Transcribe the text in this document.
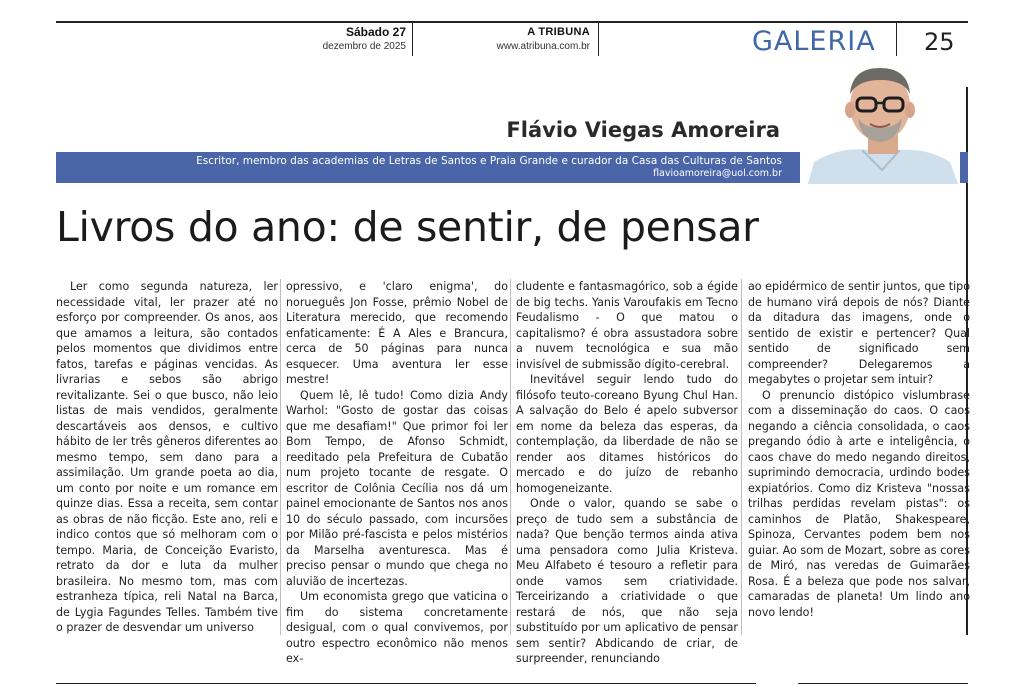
Sábado 27
dezembro de 2025
A TRIBUNA
www.atribuna.com.br	GALERIA	25
Flávio Viegas Amoreira
Escritor, membro das academias de Letras de Santos e Praia Grande e curador da Casa das Culturas de Santos
flavioamoreira@uol.com.br
Livros do ano: de sentir, de pensar

Ler como segunda natureza, ler necessidade vital, ler prazer até no esforço por compreender. Os anos, aos que amamos a leitura, são contados pelos momentos que dividimos entre fatos, tarefas e páginas vencidas. As livrarias e sebos são abrigo revitalizante. Sei o que busco, não leio listas de mais vendidos, geralmente descartáveis aos densos, e cultivo hábito de ler três gêneros diferentes ao mesmo tempo, sem dano para a assimilação. Um grande poeta ao dia, um conto por noite e um romance em quinze dias. Essa a receita, sem contar as obras de não ficção. Este ano, reli e indico contos que só melhoram com o tempo. Maria, de Conceição Evaristo, retrato da dor e luta da mulher brasileira. No mesmo tom, mas com estranheza típica, reli Natal na Barca, de Lygia Fagundes Telles. Também tive o prazer de desvendar um universo

opressivo, e 'claro enigma', do norueguês Jon Fosse, prêmio Nobel de Literatura merecido, que recomendo enfaticamente: É A Ales e Brancura, cerca de 50 páginas para nunca esquecer. Uma aventura ler esse mestre!

Quem lê, lê tudo! Como dizia Andy Warhol: "Gosto de gostar das coisas que me desafiam!" Que primor foi ler Bom Tempo, de Afonso Schmidt, reeditado pela Prefeitura de Cubatão num projeto tocante de resgate. O escritor de Colônia Cecília nos dá um painel emocionante de Santos nos anos 10 do século passado, com incursões por Milão pré-fascista e pelos mistérios da Marselha aventuresca. Mas é preciso pensar o mundo que chega no aluvião de incertezas.

Um economista grego que vaticina o fim do sistema concretamente desigual, com o qual convivemos, por outro espectro econômico não menos ex-

cludente e fantasmagórico, sob a égide de big techs. Yanis Varoufakis em Tecno Feudalismo - O que matou o capitalismo? é obra assustadora sobre a nuvem tecnológica e sua mão invisível de submissão dígito-cerebral.

Inevitável seguir lendo tudo do filósofo teuto-coreano Byung Chul Han. A salvação do Belo é apelo subversor em nome da beleza das esperas, da contemplação, da liberdade de não se render aos ditames históricos do mercado e do juízo de rebanho homogeneizante.

Onde o valor, quando se sabe o preço de tudo sem a substância de nada? Que benção termos ainda ativa uma pensadora como Julia Kristeva. Meu Alfabeto é tesouro a refletir para onde vamos sem criatividade. Terceirizando a criatividade o que restará de nós, que não seja substituído por um aplicativo de pensar sem sentir? Abdicando de criar, de surpreender, renunciando

ao epidérmico de sentir juntos, que tipo de humano virá depois de nós? Diante da ditadura das imagens, onde o sentido de existir e pertencer? Qual sentido de significado sem compreender? Delegaremos a megabytes o projetar sem intuir?

O prenuncio distópico vislumbrase com a disseminação do caos. O caos negando a ciência consolidada, o caos pregando ódio à arte e inteligência, o caos chave do medo negando direitos, suprimindo democracia, urdindo bodes expiatórios. Como diz Kristeva "nossas trilhas perdidas revelam pistas": os caminhos de Platão, Shakespeare, Spinoza, Cervantes podem bem nos guiar. Ao som de Mozart, sobre as cores de Miró, nas veredas de Guimarães Rosa. É a beleza que pode nos salvar, camaradas de planeta! Um lindo ano novo lendo!
